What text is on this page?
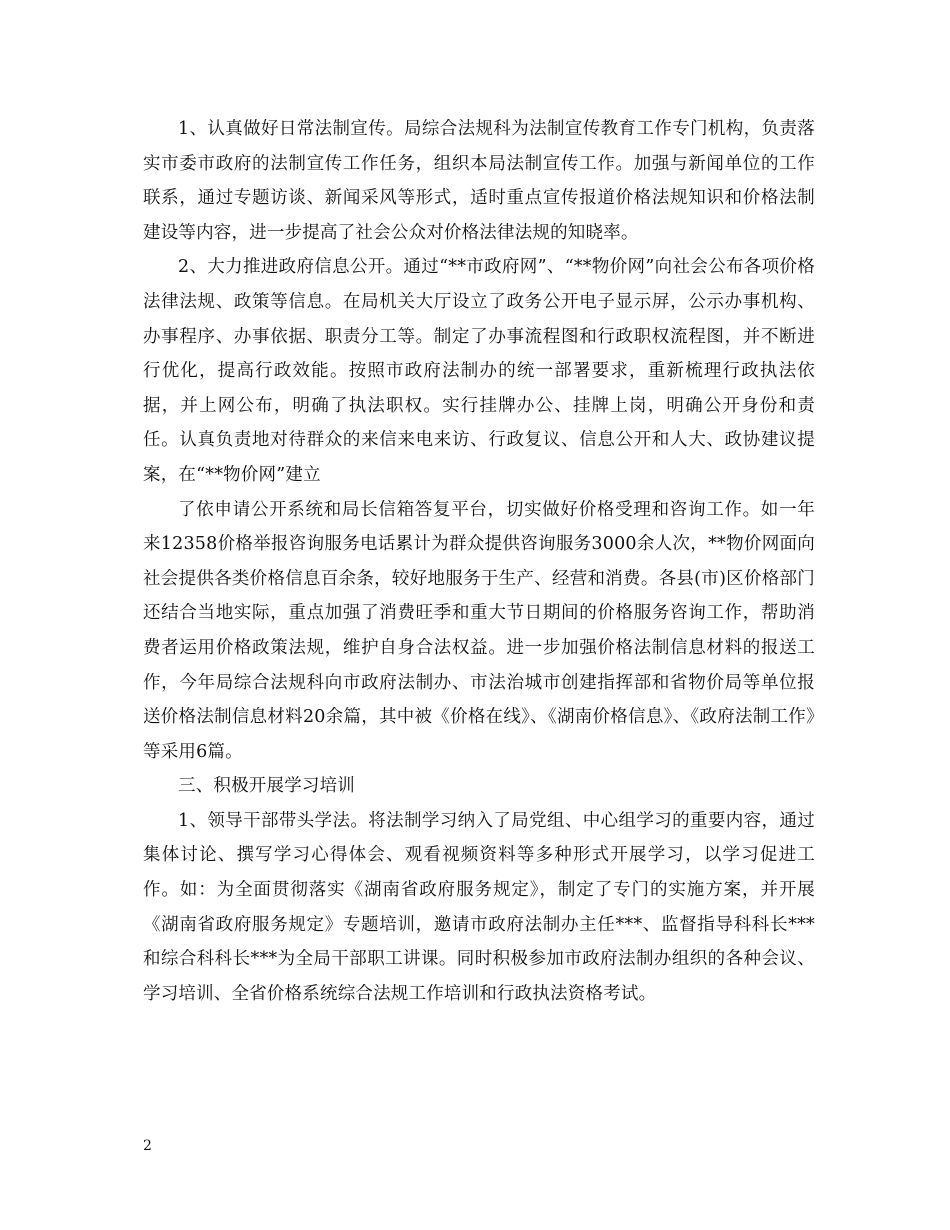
1、认真做好日常法制宣传。局综合法规科为法制宣传教育工作专门机构，负责落实市委市政府的法制宣传工作任务，组织本局法制宣传工作。加强与新闻单位的工作联系，通过专题访谈、新闻采风等形式，适时重点宣传报道价格法规知识和价格法制建设等内容，进一步提高了社会公众对价格法律法规的知晓率。

2、大力推进政府信息公开。通过“**市政府网”、“**物价网”向社会公布各项价格法律法规、政策等信息。在局机关大厅设立了政务公开电子显示屏，公示办事机构、办事程序、办事依据、职责分工等。制定了办事流程图和行政职权流程图，并不断进行优化，提高行政效能。按照市政府法制办的统一部署要求，重新梳理行政执法依据，并上网公布，明确了执法职权。实行挂牌办公、挂牌上岗，明确公开身份和责任。认真负责地对待群众的来信来电来访、行政复议、信息公开和人大、政协建议提案，在“**物价网”建立

了依申请公开系统和局长信箱答复平台，切实做好价格受理和咨询工作。如一年来12358价格举报咨询服务电话累计为群众提供咨询服务3000余人次，**物价网面向社会提供各类价格信息百余条，较好地服务于生产、经营和消费。各县(市)区价格部门还结合当地实际，重点加强了消费旺季和重大节日期间的价格服务咨询工作，帮助消费者运用价格政策法规，维护自身合法权益。进一步加强价格法制信息材料的报送工作，今年局综合法规科向市政府法制办、市法治城市创建指挥部和省物价局等单位报送价格法制信息材料20余篇，其中被《价格在线》、《湖南价格信息》、《政府法制工作》等采用6篇。

三、积极开展学习培训

1、领导干部带头学法。将法制学习纳入了局党组、中心组学习的重要内容，通过集体讨论、撰写学习心得体会、观看视频资料等多种形式开展学习，以学习促进工作。如：为全面贯彻落实《湖南省政府服务规定》，制定了专门的实施方案，并开展《湖南省政府服务规定》专题培训，邀请市政府法制办主任***、监督指导科科长***和综合科科长***为全局干部职工讲课。同时积极参加市政府法制办组织的各种会议、学习培训、全省价格系统综合法规工作培训和行政执法资格考试。

2
